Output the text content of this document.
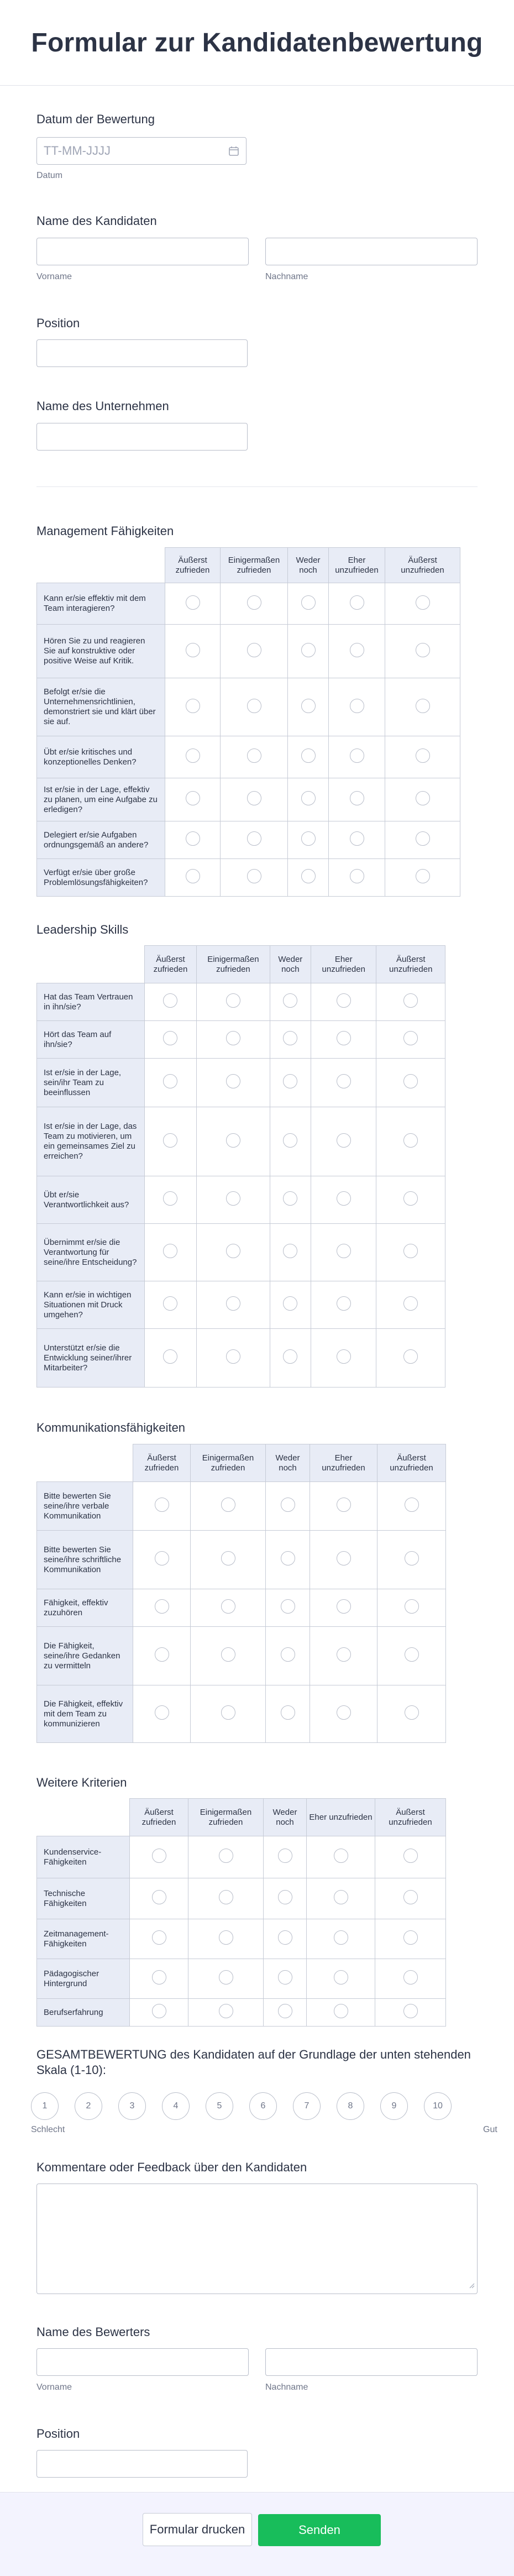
Formular zur Kandidatenbewertung
Datum der Bewertung
TT-MM-JJJJ
Datum
Name des Kandidaten
Vorname	Nachname
Position
Name des Unternehmen
Management Fähigkeiten
	Äußerst zufrieden	Einigermaßen zufrieden	Weder noch	Eher unzufrieden	Äußerst unzufrieden
Kann er/sie effektiv mit dem Team interagieren?					
Hören Sie zu und reagieren Sie auf konstruktive oder positive Weise auf Kritik.					
Befolgt er/sie die Unternehmensrichtlinien, demonstriert sie und klärt über sie auf.					
Übt er/sie kritisches und konzeptionelles Denken?					
Ist er/sie in der Lage, effektiv zu planen, um eine Aufgabe zu erledigen?					
Delegiert er/sie Aufgaben ordnungsgemäß an andere?					
Verfügt er/sie über große Problemlösungsfähigkeiten?					
Leadership Skills
	Äußerst zufrieden	Einigermaßen zufrieden	Weder noch	Eher unzufrieden	Äußerst unzufrieden
Hat das Team Vertrauen in ihn/sie?					
Hört das Team auf ihn/sie?					
Ist er/sie in der Lage, sein/ihr Team zu beeinflussen					
Ist er/sie in der Lage, das Team zu motivieren, um ein gemeinsames Ziel zu erreichen?					
Übt er/sie Verantwortlichkeit aus?					
Übernimmt er/sie die Verantwortung für seine/ihre Entscheidung?					
Kann er/sie in wichtigen Situationen mit Druck umgehen?					
Unterstützt er/sie die Entwicklung seiner/ihrer Mitarbeiter?					
Kommunikationsfähigkeiten
	Äußerst zufrieden	Einigermaßen zufrieden	Weder noch	Eher unzufrieden	Äußerst unzufrieden
Bitte bewerten Sie seine/ihre verbale Kommunikation					
Bitte bewerten Sie seine/ihre schriftliche Kommunikation					
Fähigkeit, effektiv zuzuhören					
Die Fähigkeit, seine/ihre Gedanken zu vermitteln					
Die Fähigkeit, effektiv mit dem Team zu kommunizieren					
Weitere Kriterien
	Äußerst zufrieden	Einigermaßen zufrieden	Weder noch	Eher unzufrieden	Äußerst unzufrieden
Kundenservice-Fähigkeiten					
Technische Fähigkeiten					
Zeitmanagement-Fähigkeiten					
Pädagogischer Hintergrund					
Berufserfahrung					
GESAMTBEWERTUNG des Kandidaten auf der Grundlage der unten stehenden Skala (1-10):
1	2	3	4	5	6	7	8	9	10
Schlecht	Gut
Kommentare oder Feedback über den Kandidaten
Name des Bewerters
Vorname	Nachname
Position
Formular drucken	Senden
